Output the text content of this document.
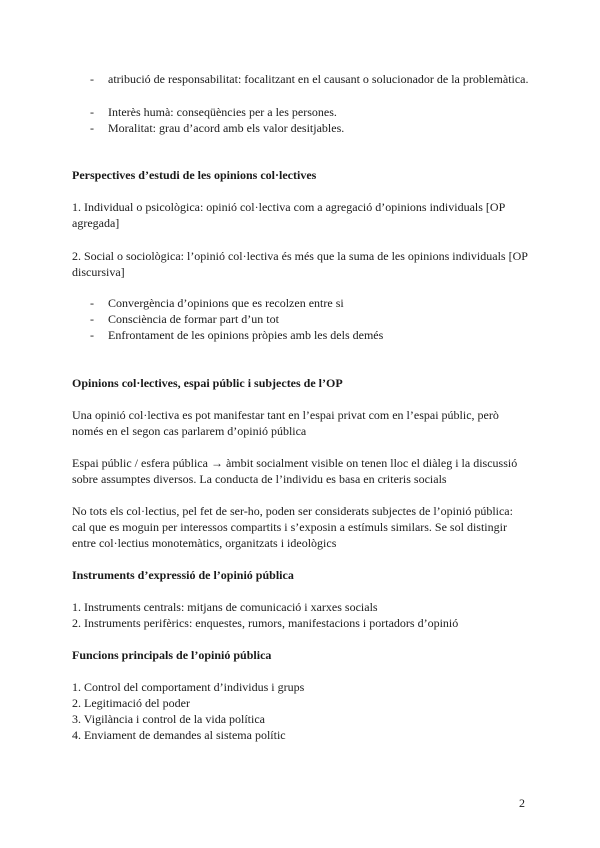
-	atribució de responsabilitat: focalitzant en el causant o solucionador de la problemàtica.
-	Interès humà: conseqüències per a les persones.
-	Moralitat: grau d’acord amb els valor desitjables.
Perspectives d’estudi de les opinions col·lectives
1. Individual o psicològica: opinió col·lectiva com a agregació d’opinions individuals [OP agregada]
2. Social o sociològica: l’opinió col·lectiva és més que la suma de les opinions individuals [OP discursiva]
-	Convergència d’opinions que es recolzen entre si
-	Consciència de formar part d’un tot
-	Enfrontament de les opinions pròpies amb les dels demés
Opinions col·lectives, espai públic i subjectes de l’OP
Una opinió col·lectiva es pot manifestar tant en l’espai privat com en l’espai públic, però només en el segon cas parlarem d’opinió pública
Espai públic / esfera pública → àmbit socialment visible on tenen lloc el diàleg i la discussió sobre assumptes diversos. La conducta de l’individu es basa en criteris socials
No tots els col·lectius, pel fet de ser-ho, poden ser considerats subjectes de l’opinió pública: cal que es moguin per interessos compartits i s’exposin a estímuls similars. Se sol distingir entre col·lectius monotemàtics, organitzats i ideològics
Instruments d’expressió de l’opinió pública
1. Instruments centrals: mitjans de comunicació i xarxes socials
2. Instruments perifèrics: enquestes, rumors, manifestacions i portadors d’opinió
Funcions principals de l’opinió pública
1. Control del comportament d’individus i grups
2. Legitimació del poder
3. Vigilància i control de la vida política
4. Enviament de demandes al sistema polític
2
